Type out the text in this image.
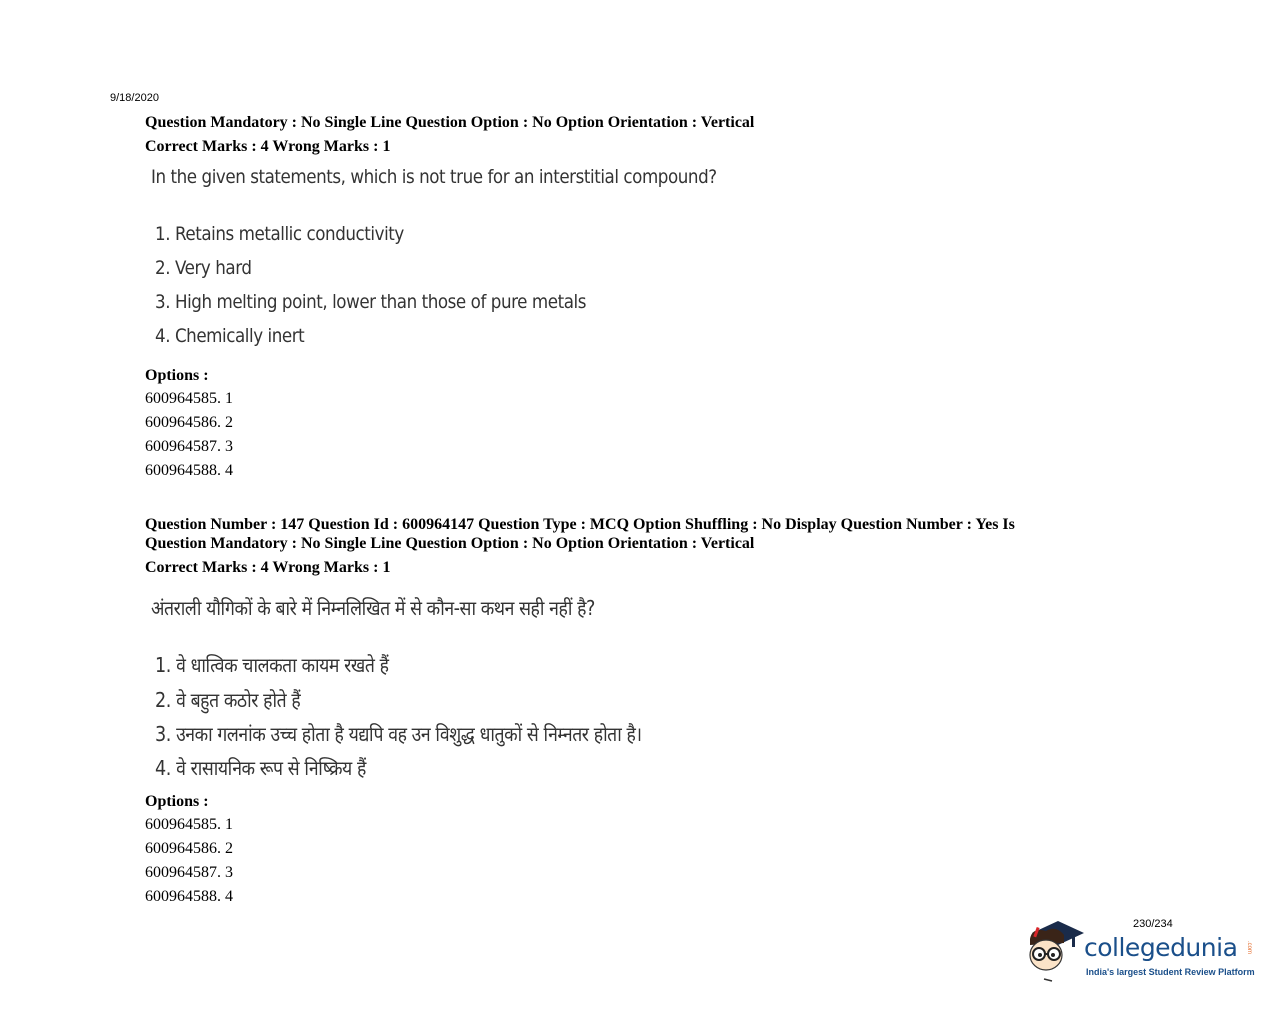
9/18/2020
Question Mandatory : No Single Line Question Option : No Option Orientation : Vertical
Correct Marks : 4 Wrong Marks : 1
In the given statements, which is not true for an interstitial compound?
1. Retains metallic conductivity
2. Very hard
3. High melting point, lower than those of pure metals
4. Chemically inert
Options :
600964585. 1
600964586. 2
600964587. 3
600964588. 4
Question Number : 147 Question Id : 600964147 Question Type : MCQ Option Shuffling : No Display Question Number : Yes Is
Question Mandatory : No Single Line Question Option : No Option Orientation : Vertical
Correct Marks : 4 Wrong Marks : 1
अंतराली यौगिकों के बारे में निम्नलिखित में से कौन-सा कथन सही नहीं है?
1. वे धात्विक चालकता कायम रखते हैं
2. वे बहुत कठोर होते हैं
3. उनका गलनांक उच्च होता है यद्यपि वह उन विशुद्ध धातुकों से निम्नतर होता है।
4. वे रासायनिक रूप से निष्क्रिय हैं
Options :
600964585. 1
600964586. 2
600964587. 3
600964588. 4
230/234
collegedunia .com
India's largest Student Review Platform
